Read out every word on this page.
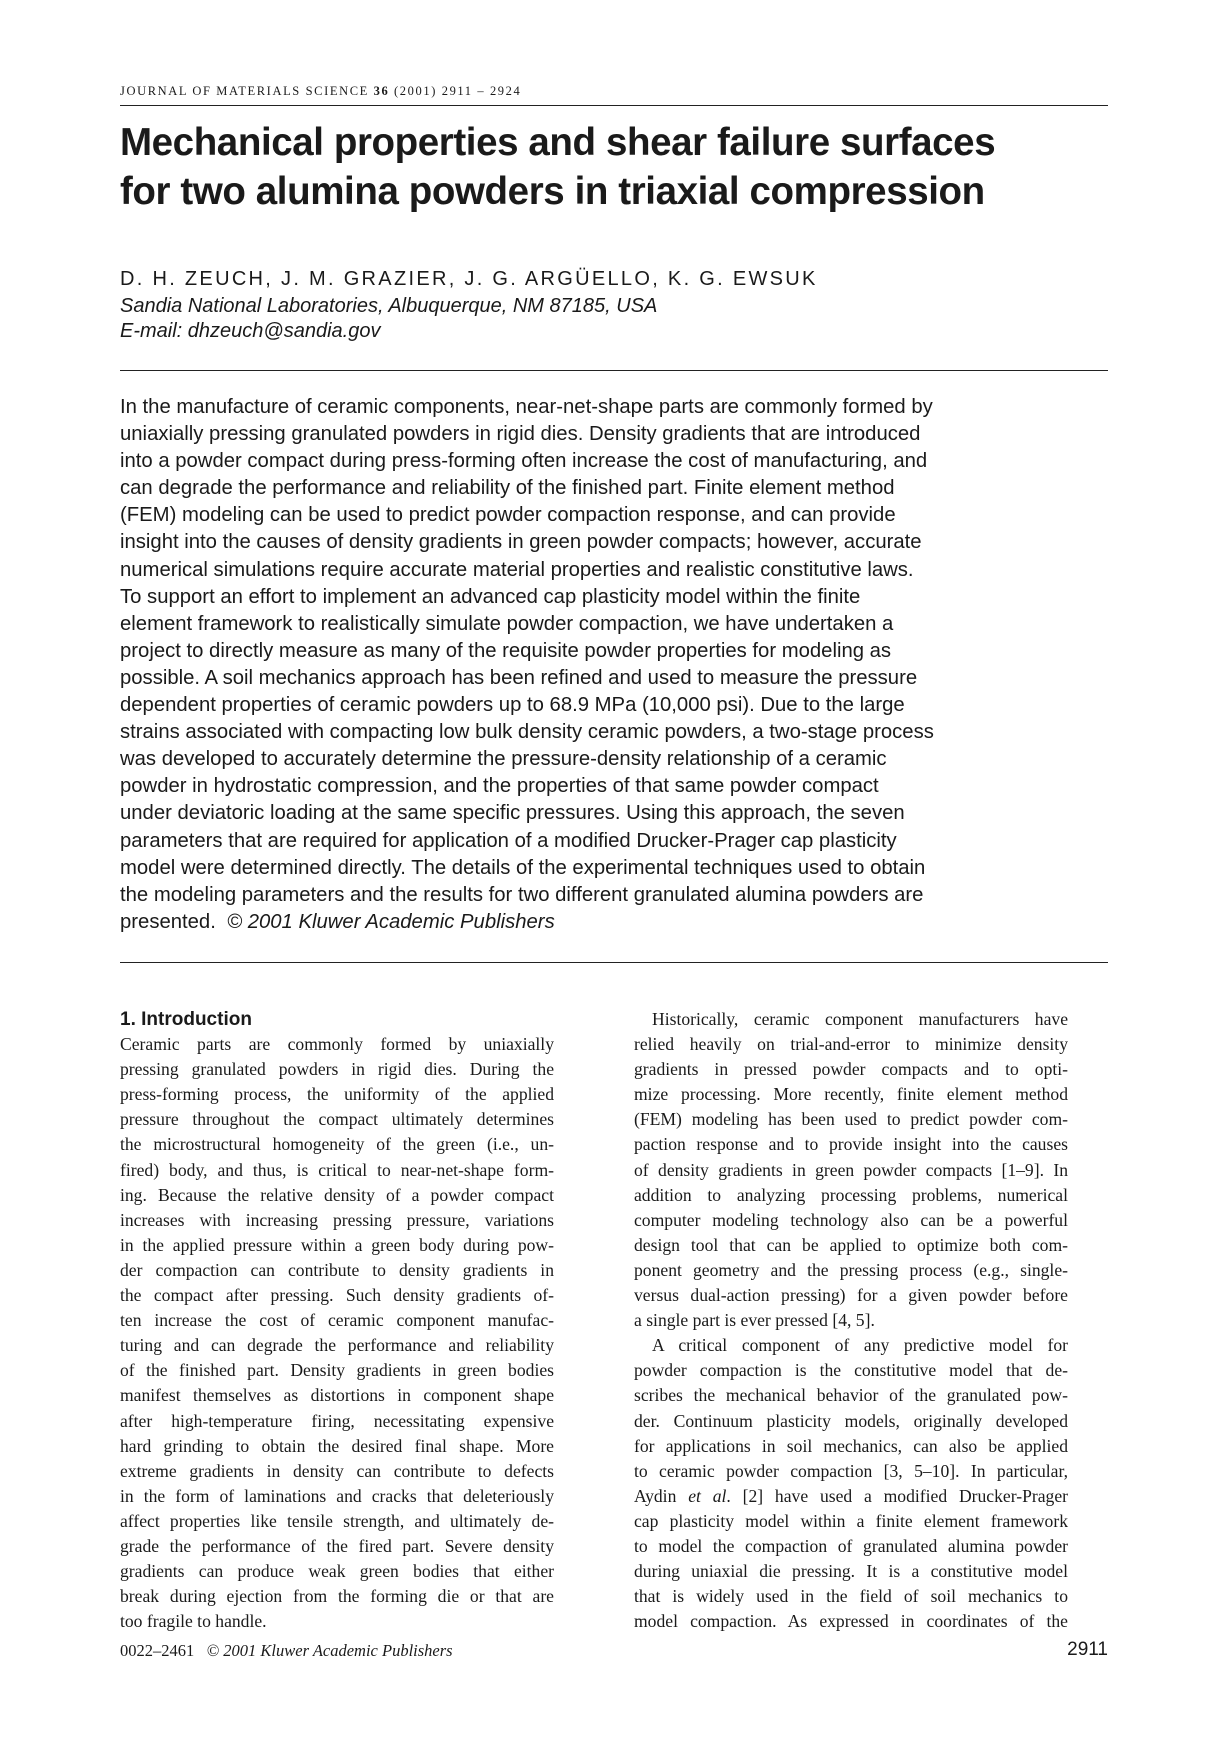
JOURNAL OF MATERIALS SCIENCE 36 (2001) 2911 – 2924
Mechanical properties and shear failure surfaces
for two alumina powders in triaxial compression
D. H. ZEUCH, J. M. GRAZIER, J. G. ARGÜELLO, K. G. EWSUK
Sandia National Laboratories, Albuquerque, NM 87185, USA
E-mail: dhzeuch@sandia.gov
In the manufacture of ceramic components, near-net-shape parts are commonly formed by
uniaxially pressing granulated powders in rigid dies. Density gradients that are introduced
into a powder compact during press-forming often increase the cost of manufacturing, and
can degrade the performance and reliability of the finished part. Finite element method
(FEM) modeling can be used to predict powder compaction response, and can provide
insight into the causes of density gradients in green powder compacts; however, accurate
numerical simulations require accurate material properties and realistic constitutive laws.
To support an effort to implement an advanced cap plasticity model within the finite
element framework to realistically simulate powder compaction, we have undertaken a
project to directly measure as many of the requisite powder properties for modeling as
possible. A soil mechanics approach has been refined and used to measure the pressure
dependent properties of ceramic powders up to 68.9 MPa (10,000 psi). Due to the large
strains associated with compacting low bulk density ceramic powders, a two-stage process
was developed to accurately determine the pressure-density relationship of a ceramic
powder in hydrostatic compression, and the properties of that same powder compact
under deviatoric loading at the same specific pressures. Using this approach, the seven
parameters that are required for application of a modified Drucker-Prager cap plasticity
model were determined directly. The details of the experimental techniques used to obtain
the modeling parameters and the results for two different granulated alumina powders are
presented. © 2001 Kluwer Academic Publishers
1. Introduction
Ceramic parts are commonly formed by uniaxially
pressing granulated powders in rigid dies. During the
press-forming process, the uniformity of the applied
pressure throughout the compact ultimately determines
the microstructural homogeneity of the green (i.e., un-
fired) body, and thus, is critical to near-net-shape form-
ing. Because the relative density of a powder compact
increases with increasing pressing pressure, variations
in the applied pressure within a green body during pow-
der compaction can contribute to density gradients in
the compact after pressing. Such density gradients of-
ten increase the cost of ceramic component manufac-
turing and can degrade the performance and reliability
of the finished part. Density gradients in green bodies
manifest themselves as distortions in component shape
after high-temperature firing, necessitating expensive
hard grinding to obtain the desired final shape. More
extreme gradients in density can contribute to defects
in the form of laminations and cracks that deleteriously
affect properties like tensile strength, and ultimately de-
grade the performance of the fired part. Severe density
gradients can produce weak green bodies that either
break during ejection from the forming die or that are
too fragile to handle.
Historically, ceramic component manufacturers have
relied heavily on trial-and-error to minimize density
gradients in pressed powder compacts and to opti-
mize processing. More recently, finite element method
(FEM) modeling has been used to predict powder com-
paction response and to provide insight into the causes
of density gradients in green powder compacts [1–9]. In
addition to analyzing processing problems, numerical
computer modeling technology also can be a powerful
design tool that can be applied to optimize both com-
ponent geometry and the pressing process (e.g., single-
versus dual-action pressing) for a given powder before
a single part is ever pressed [4, 5].
A critical component of any predictive model for
powder compaction is the constitutive model that de-
scribes the mechanical behavior of the granulated pow-
der. Continuum plasticity models, originally developed
for applications in soil mechanics, can also be applied
to ceramic powder compaction [3, 5–10]. In particular,
Aydin et al. [2] have used a modified Drucker-Prager
cap plasticity model within a finite element framework
to model the compaction of granulated alumina powder
during uniaxial die pressing. It is a constitutive model
that is widely used in the field of soil mechanics to
model compaction. As expressed in coordinates of the
0022–2461 © 2001 Kluwer Academic Publishers	2911
